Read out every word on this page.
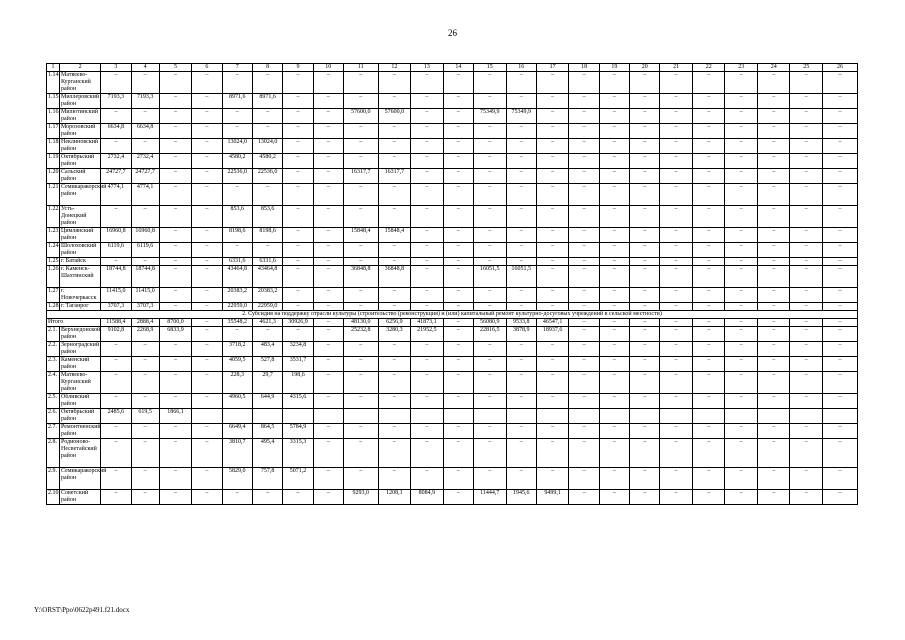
26
1	2	3	4	5	6	7	8	9	10	11	12	13	14	15	16	17	18	19	20	21	22	23	24	25	26
1.14.	Матвеево-Курганский район	–	–	–	–	–	–	–	–	–	–	–	–	–	–	–	–	–	–	–	–	–	–	–	–
1.15.	Миллеровский район	7193,3	7193,3	–	–	8971,6	8971,6	–	–	–	–	–	–	–	–	–	–	–	–	–	–	–	–	–	–
1.16.	Милютинский район	–	–	–	–	–	–	–	–	57600,0	57600,0	–	–	75349,9	75349,9	–	–	–	–	–	–	–	–	–	–
1.17.	Морозовский район	6634,8	6634,8	–	–	–	–	–	–	–	–	–	–	–	–	–	–	–	–	–	–	–	–	–	–
1.18.	Неклиновский район	–	–	–	–	13024,0	13024,0	–	–	–	–	–	–	–	–	–	–	–	–	–	–	–	–	–	–
1.19.	Октябрьский район	2732,4	2732,4	–	–	4580,2	4580,2	–	–	–	–	–	–	–	–	–	–	–	–	–	–	–	–	–	–
1.20.	Сальский район	24727,7	24727,7	–	–	22536,0	22536,0	–	–	16317,7	16317,7	–	–	–	–	–	–	–	–	–	–	–	–	–	–
1.21.	Семикаракорский район	4774,1	4774,1	–	–	–	–	–	–	–	–	–	–	–	–	–	–	–	–	–	–	–	–	–	–
1.22.	Усть-Донецкий район	–	–	–	–	853,6	853,6	–	–	–	–	–	–	–	–	–	–	–	–	–	–	–	–	–	–
1.23.	Цимлянский район	16960,8	16960,8	–	–	8198,6	8198,6	–	–	15848,4	15848,4	–	–	–	–	–	–	–	–	–	–	–	–	–	–
1.24.	Шолоховский район	6119,6	6119,6	–	–	–	–	–	–	–	–	–	–	–	–	–	–	–	–	–	–	–	–	–	–
1.25.	г. Батайск	–	–	–	–	6331,6	6331,6	–	–	–	–	–	–	–	–	–	–	–	–	–	–	–	–	–	–
1.26.	г. Каменск-Шахтинский	18744,8	18744,8	–	–	43464,8	43464,8	–	–	36848,8	36848,8	–	–	16051,5	16051,5	–	–	–	–	–	–	–	–	–	–
1.27.	г. Новочеркасск	11415,0	11415,0	–	–	20383,2	20383,2	–	–	–	–	–	–	–	–	–	–	–	–	–	–	–	–	–	–
1.28.	г. Таганрог	3707,3	3707,3	–	–	22959,0	22959,0	–	–	–	–	–	–	–	–	–	–	–	–	–	–	–	–	–	–
2. Субсидия на поддержку отрасли культуры (строительство (реконструкция) и (или) капитальный ремонт культурно-досуговых учреждений в сельской местности)																									
Итого		11588,4	2888,4	8700,0	–	35548,2	4621,3	30926,9	–	48130,0	6256,9	41873,1	–	56080,9	9533,8	46547,1	–	–	–	–	–	–	–	–	–
2.1.	Верхнедонской район	9102,8	2268,9	6833,9	–	–	–	–	–	25232,8	3280,3	21952,5	–	22816,5	3878,9	18937,6	–	–	–	–	–	–	–	–	–
2.2.	Зерноградский район	–	–	–	–	3718,2	483,4	3234,8	–	–	–	–	–	–	–	–	–	–	–	–	–	–	–	–	–
2.3.	Каменский район	–	–	–	–	4059,5	527,8	3531,7	–	–	–	–	–	–	–	–	–	–	–	–	–	–	–	–	–
2.4.	Матвеево-Курганский район	–	–	–	–	228,3	29,7	198,6	–	–	–	–	–	–	–	–	–	–	–	–	–	–	–	–	–
2.5.	Обливский район	–	–	–	–	4960,5	644,9	4315,6	–	–	–	–	–	–	–	–	–	–	–	–	–	–	–	–	–
2.6.	Октябрьский район	2485,6	619,5	1866,1																					
2.7.	Ремонтненский район	–	–	–	–	6649,4	864,5	5784,9	–	–	–	–	–	–	–	–	–	–	–	–	–	–	–	–	–
2.8.	Родионово-Несветайский район	–	–	–	–	3810,7	495,4	3315,3	–	–	–	–	–	–	–	–	–	–	–	–	–	–	–	–	–
2.9.	Семикаракорский район	–	–	–	–	5829,0	757,8	5071,2	–	–	–	–	–	–	–	–	–	–	–	–	–	–	–	–	–
2.10.	Советский район	–	–	–	–	–	–	–	–	9293,0	1208,1	8084,9	–	11444,7	1945,6	9499,1	–	–	–	–	–	–	–	–	–
Y:\ORST\Ppo\0622p491.f21.docx
